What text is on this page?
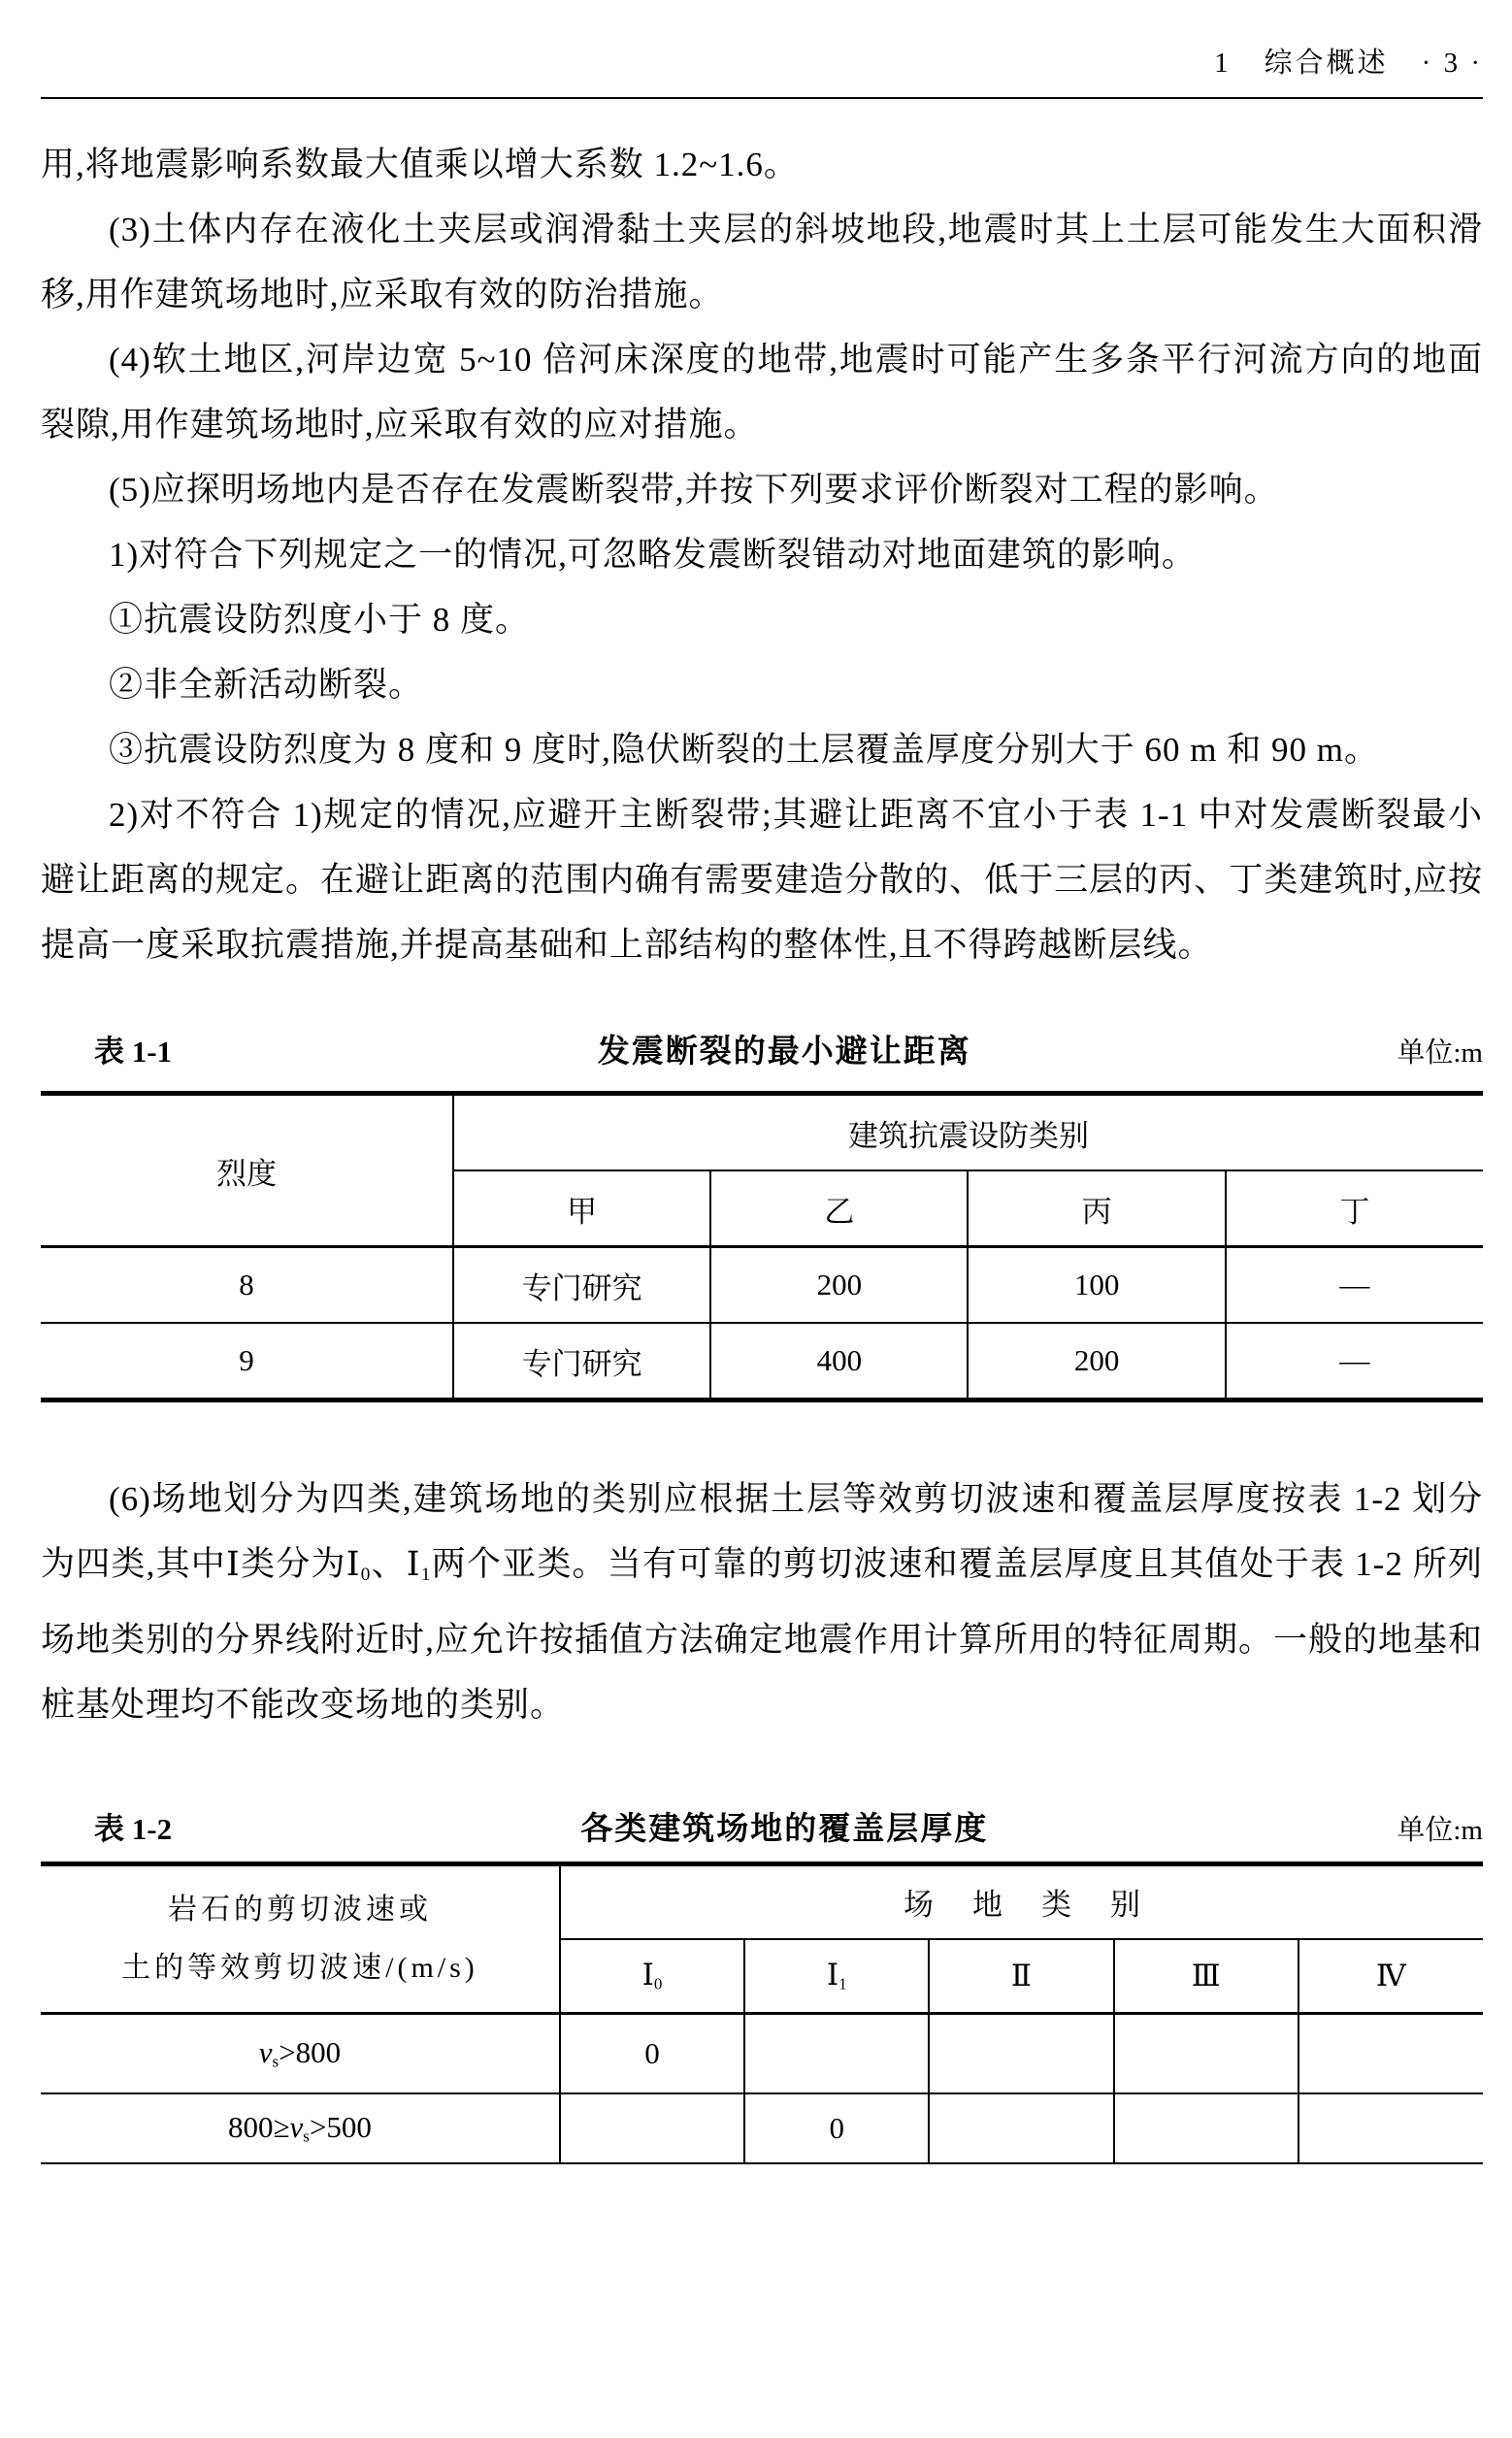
1 综合概述 · 3 ·

用,将地震影响系数最大值乘以增大系数 1.2~1.6。

(3)土体内存在液化土夹层或润滑黏土夹层的斜坡地段,地震时其上土层可能发生大面积滑移,用作建筑场地时,应采取有效的防治措施。

(4)软土地区,河岸边宽 5~10 倍河床深度的地带,地震时可能产生多条平行河流方向的地面裂隙,用作建筑场地时,应采取有效的应对措施。

(5)应探明场地内是否存在发震断裂带,并按下列要求评价断裂对工程的影响。

1)对符合下列规定之一的情况,可忽略发震断裂错动对地面建筑的影响。

①抗震设防烈度小于 8 度。

②非全新活动断裂。

③抗震设防烈度为 8 度和 9 度时,隐伏断裂的土层覆盖厚度分别大于 60 m 和 90 m。

2)对不符合 1)规定的情况,应避开主断裂带;其避让距离不宜小于表 1-1 中对发震断裂最小避让距离的规定。在避让距离的范围内确有需要建造分散的、低于三层的丙、丁类建筑时,应按提高一度采取抗震措施,并提高基础和上部结构的整体性,且不得跨越断层线。

表 1-1	发震断裂的最小避让距离	单位:m
烈度	建筑抗震设防类别			
	甲	乙	丙	丁
8	专门研究	200	100	—
9	专门研究	400	200	—

(6)场地划分为四类,建筑场地的类别应根据土层等效剪切波速和覆盖层厚度按表 1-2 划分为四类,其中Ⅰ类分为$Ⅰ_0$、$Ⅰ_1$两个亚类。当有可靠的剪切波速和覆盖层厚度且其值处于表 1-2 所列场地类别的分界线附近时,应允许按插值方法确定地震作用计算所用的特征周期。一般的地基和桩基处理均不能改变场地的类别。

表 1-2	各类建筑场地的覆盖层厚度	单位:m
岩石的剪切波速或
土的等效剪切波速/(m/s)	场地类别				
	$Ⅰ_0$	$Ⅰ_1$	Ⅱ	Ⅲ	Ⅳ
$v_s>800$	0				
$800\ge v_s>500$		0			
